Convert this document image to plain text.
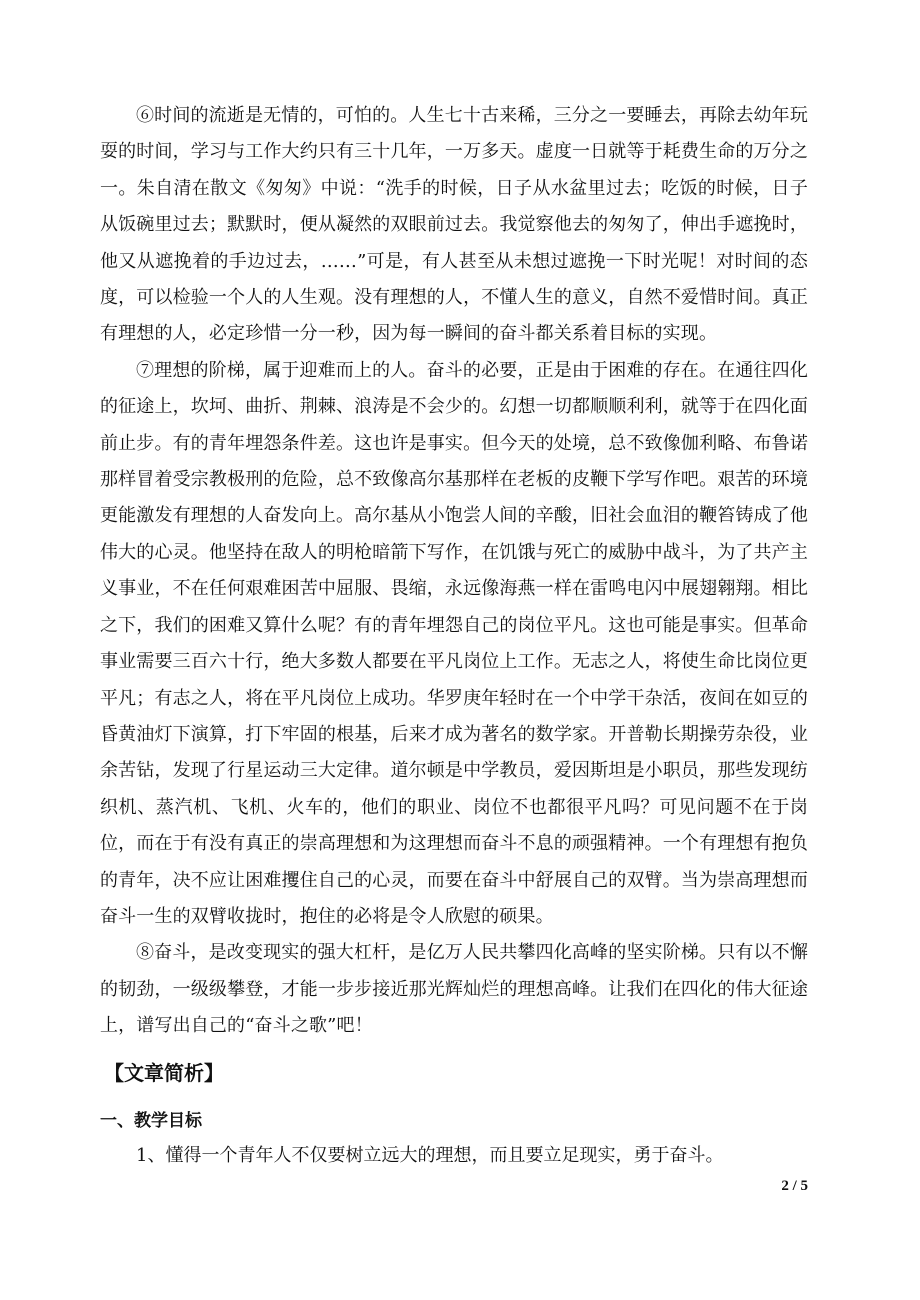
⑥时间的流逝是无情的，可怕的。人生七十古来稀，三分之一要睡去，再除去幼年玩耍的时间，学习与工作大约只有三十几年，一万多天。虚度一日就等于耗费生命的万分之一。朱自清在散文《匆匆》中说：“洗手的时候，日子从水盆里过去；吃饭的时候，日子从饭碗里过去；默默时，便从凝然的双眼前过去。我觉察他去的匆匆了，伸出手遮挽时，他又从遮挽着的手边过去，……”可是，有人甚至从未想过遮挽一下时光呢！对时间的态度，可以检验一个人的人生观。没有理想的人，不懂人生的意义，自然不爱惜时间。真正有理想的人，必定珍惜一分一秒，因为每一瞬间的奋斗都关系着目标的实现。

⑦理想的阶梯，属于迎难而上的人。奋斗的必要，正是由于困难的存在。在通往四化的征途上，坎坷、曲折、荆棘、浪涛是不会少的。幻想一切都顺顺利利，就等于在四化面前止步。有的青年埋怨条件差。这也许是事实。但今天的处境，总不致像伽利略、布鲁诺那样冒着受宗教极刑的危险，总不致像高尔基那样在老板的皮鞭下学写作吧。艰苦的环境更能激发有理想的人奋发向上。高尔基从小饱尝人间的辛酸，旧社会血泪的鞭笞铸成了他伟大的心灵。他坚持在敌人的明枪暗箭下写作，在饥饿与死亡的威胁中战斗，为了共产主义事业，不在任何艰难困苦中屈服、畏缩，永远像海燕一样在雷鸣电闪中展翅翱翔。相比之下，我们的困难又算什么呢？有的青年埋怨自己的岗位平凡。这也可能是事实。但革命事业需要三百六十行，绝大多数人都要在平凡岗位上工作。无志之人，将使生命比岗位更平凡；有志之人，将在平凡岗位上成功。华罗庚年轻时在一个中学干杂活，夜间在如豆的昏黄油灯下演算，打下牢固的根基，后来才成为著名的数学家。开普勒长期操劳杂役，业余苦钻，发现了行星运动三大定律。道尔顿是中学教员，爱因斯坦是小职员，那些发现纺织机、蒸汽机、飞机、火车的，他们的职业、岗位不也都很平凡吗？可见问题不在于岗位，而在于有没有真正的崇高理想和为这理想而奋斗不息的顽强精神。一个有理想有抱负的青年，决不应让困难攫住自己的心灵，而要在奋斗中舒展自己的双臂。当为崇高理想而奋斗一生的双臂收拢时，抱住的必将是令人欣慰的硕果。

⑧奋斗，是改变现实的强大杠杆，是亿万人民共攀四化高峰的坚实阶梯。只有以不懈的韧劲，一级级攀登，才能一步步接近那光辉灿烂的理想高峰。让我们在四化的伟大征途上，谱写出自己的“奋斗之歌”吧！

【文章简析】
一、教学目标

1、懂得一个青年人不仅要树立远大的理想，而且要立足现实，勇于奋斗。

2 / 5
